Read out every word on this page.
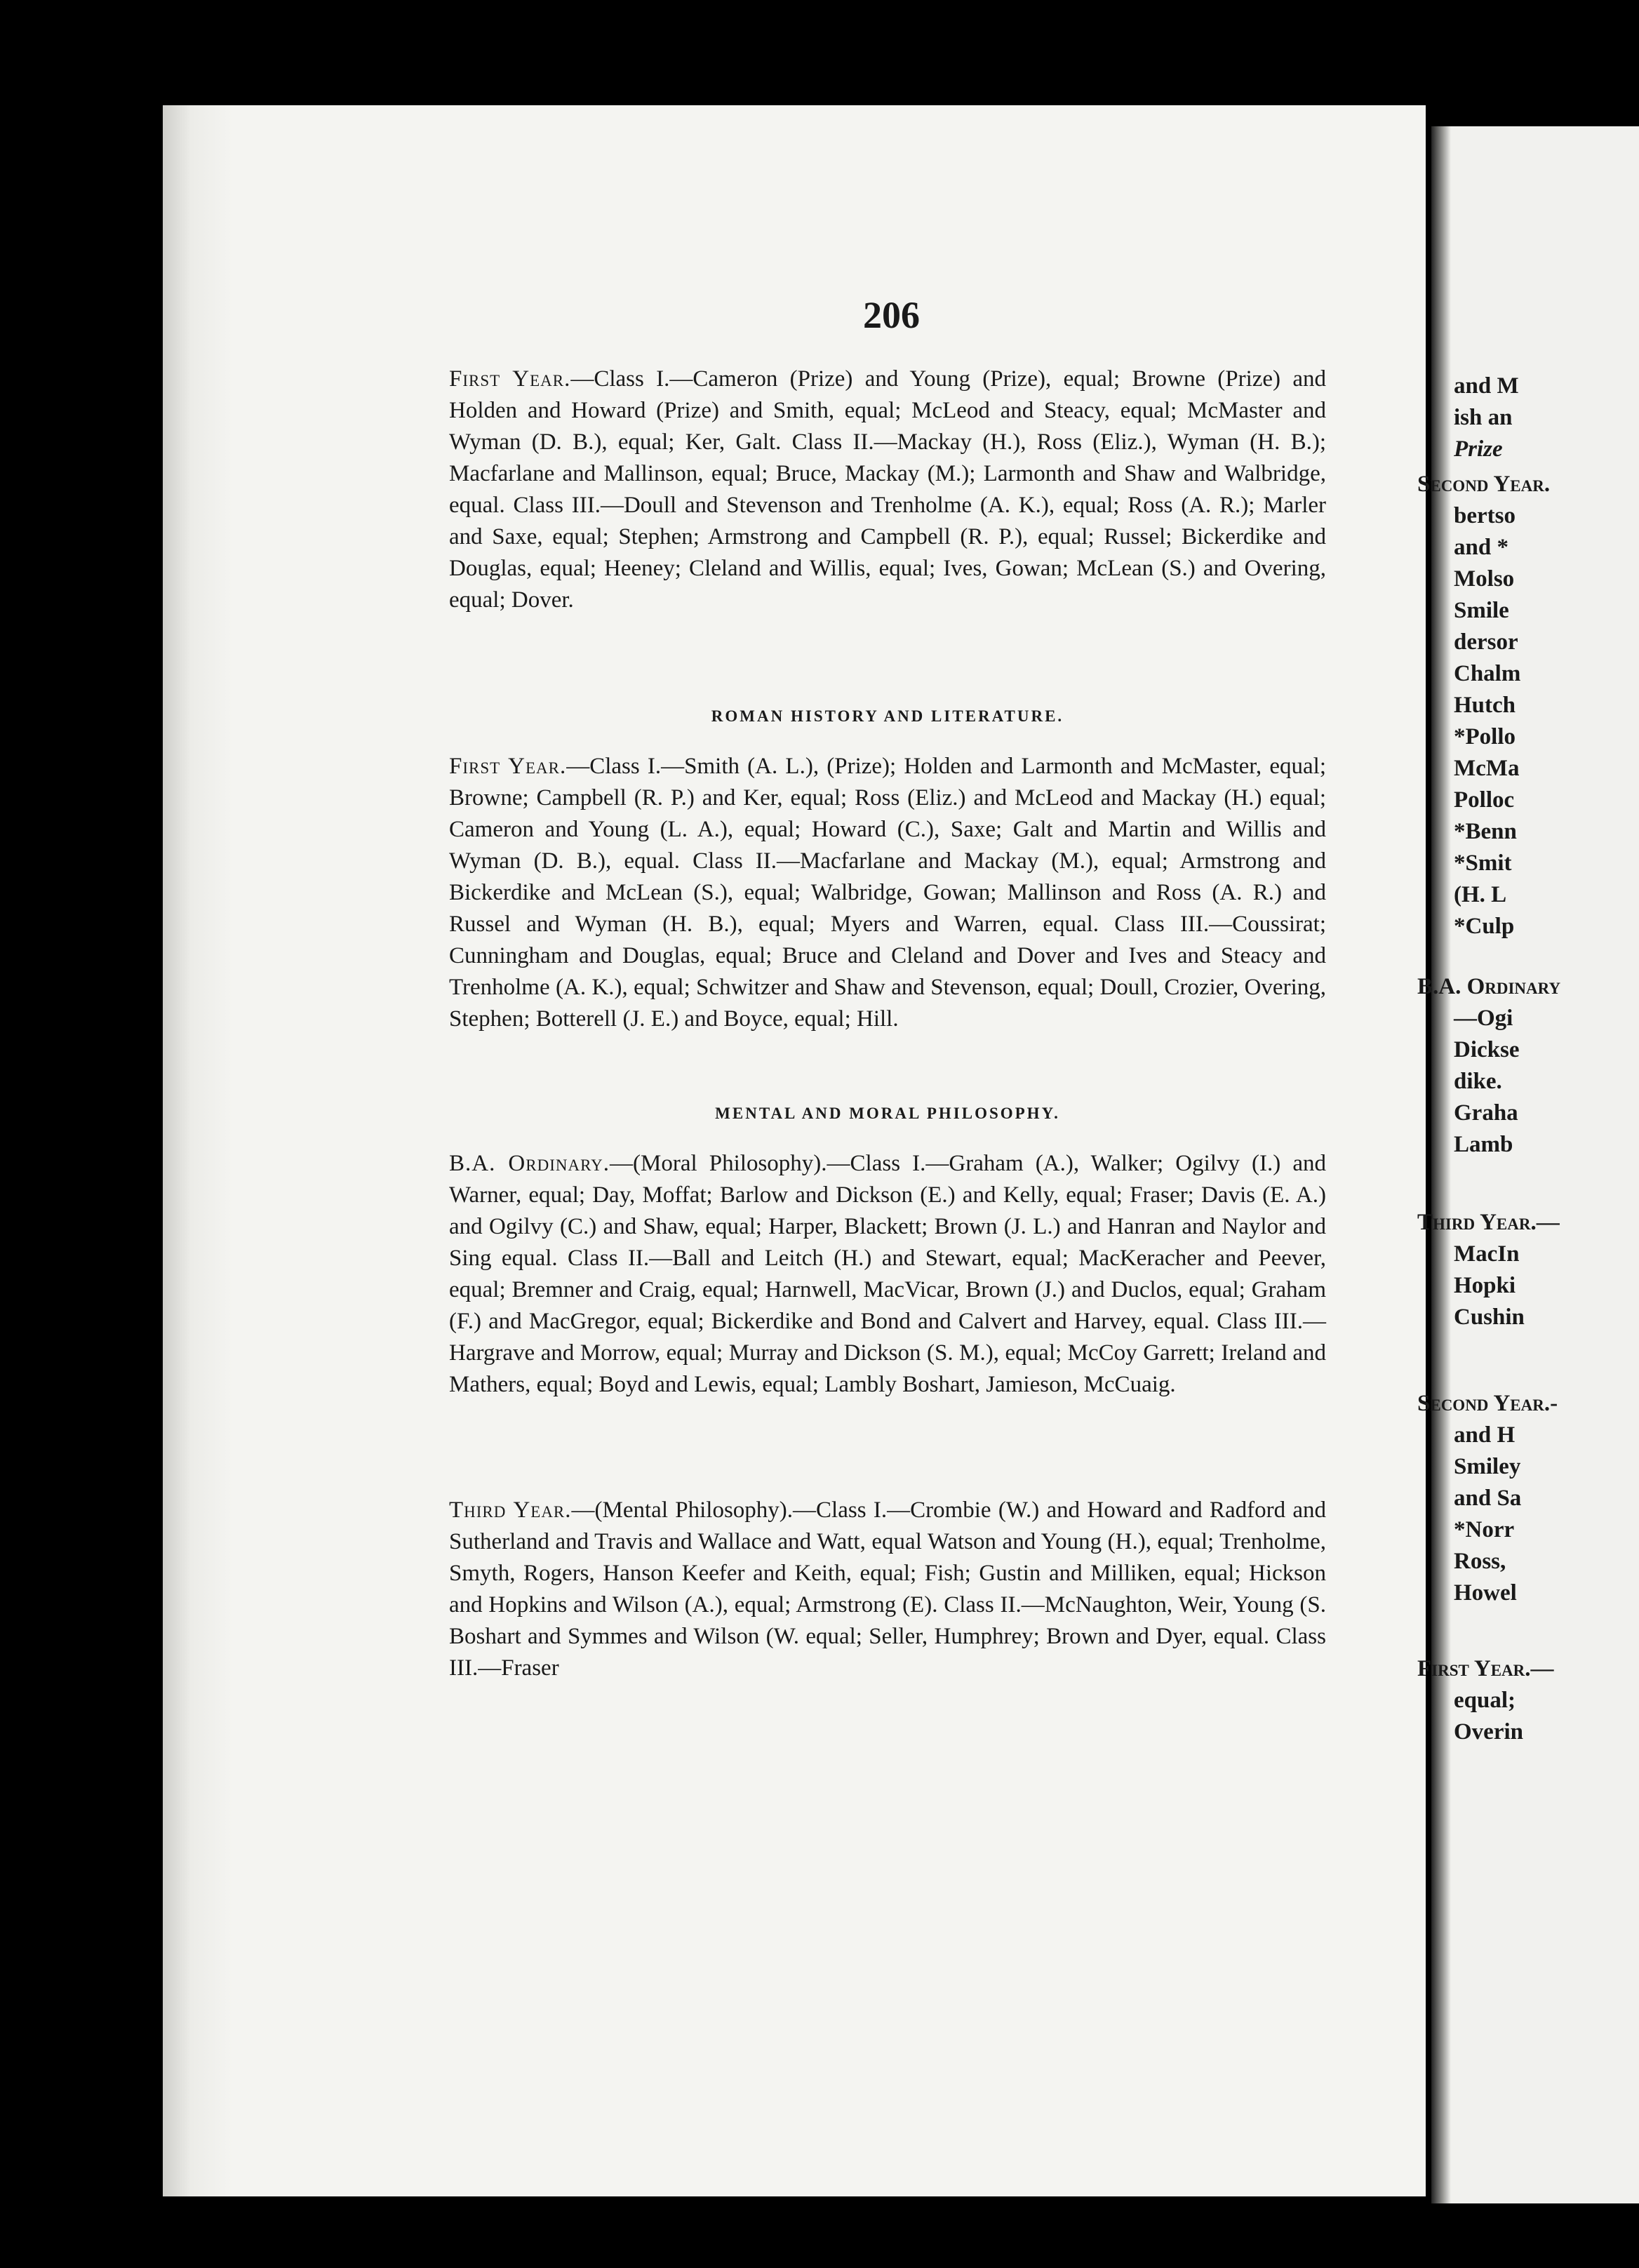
206
First Year.—Class I.—Cameron (Prize) and Young (Prize), equal; Browne (Prize) and Holden and Howard (Prize) and Smith, equal; McLeod and Steacy, equal; McMaster and Wyman (D. B.), equal; Ker, Galt. Class II.—Mackay (H.), Ross (Eliz.), Wyman (H. B.); Macfarlane and Mallinson, equal; Bruce, Mackay (M.); Larmonth and Shaw and Walbridge, equal. Class III.—Doull and Stevenson and Trenholme (A. K.), equal; Ross (A. R.); Marler and Saxe, equal; Stephen; Armstrong and Campbell (R. P.), equal; Russel; Bickerdike and Douglas, equal; Heeney; Cleland and Willis, equal; Ives, Gowan; McLean (S.) and Overing, equal; Dover.
ROMAN HISTORY AND LITERATURE.
First Year.—Class I.—Smith (A. L.), (Prize); Holden and Larmonth and McMaster, equal; Browne; Campbell (R. P.) and Ker, equal; Ross (Eliz.) and McLeod and Mackay (H.) equal; Cameron and Young (L. A.), equal; Howard (C.), Saxe; Galt and Martin and Willis and Wyman (D. B.), equal. Class II.—Macfarlane and Mackay (M.), equal; Armstrong and Bickerdike and McLean (S.), equal; Walbridge, Gowan; Mallinson and Ross (A. R.) and Russel and Wyman (H. B.), equal; Myers and Warren, equal. Class III.—Coussirat; Cunningham and Douglas, equal; Bruce and Cleland and Dover and Ives and Steacy and Trenholme (A. K.), equal; Schwitzer and Shaw and Stevenson, equal; Doull, Crozier, Overing, Stephen; Botterell (J. E.) and Boyce, equal; Hill.
MENTAL AND MORAL PHILOSOPHY.
B.A. Ordinary.—(Moral Philosophy).—Class I.—Graham (A.), Walker; Ogilvy (I.) and Warner, equal; Day, Moffat; Barlow and Dickson (E.) and Kelly, equal; Fraser; Davis (E. A.) and Ogilvy (C.) and Shaw, equal; Harper, Blackett; Brown (J. L.) and Hanran and Naylor and Sing equal. Class II.—Ball and Leitch (H.) and Stewart, equal; MacKeracher and Peever, equal; Bremner and Craig, equal; Harnwell, MacVicar, Brown (J.) and Duclos, equal; Graham (F.) and MacGregor, equal; Bickerdike and Bond and Calvert and Harvey, equal. Class III.—Hargrave and Morrow, equal; Murray and Dickson (S. M.), equal; McCoy Garrett; Ireland and Mathers, equal; Boyd and Lewis, equal; Lambly Boshart, Jamieson, McCuaig.
Third Year.—(Mental Philosophy).—Class I.—Crombie (W.) and Howard and Radford and Sutherland and Travis and Wallace and Watt, equal Watson and Young (H.), equal; Trenholme, Smyth, Rogers, Hanson Keefer and Keith, equal; Fish; Gustin and Milliken, equal; Hickson and Hopkins and Wilson (A.), equal; Armstrong (E). Class II.—McNaughton, Weir, Young (S. Boshart and Symmes and Wilson (W. equal; Seller, Humphrey; Brown and Dyer, equal. Class III.—Fraser
and M
ish an
Prize
Second Year.
bertso
and *
Molso
Smile
dersor
Chalm
Hutch
*Pollo
McMa
Polloc
*Benn
*Smit
(H. L
*Culp
B.A. Ordinary
—Ogi
Dickse
dike.
Graha
Lamb
Third Year.—
MacIn
Hopki
Cushin
Second Year.-
and H
Smiley
and Sa
*Norr
Ross,
Howel
First Year.—
equal;
Overin
